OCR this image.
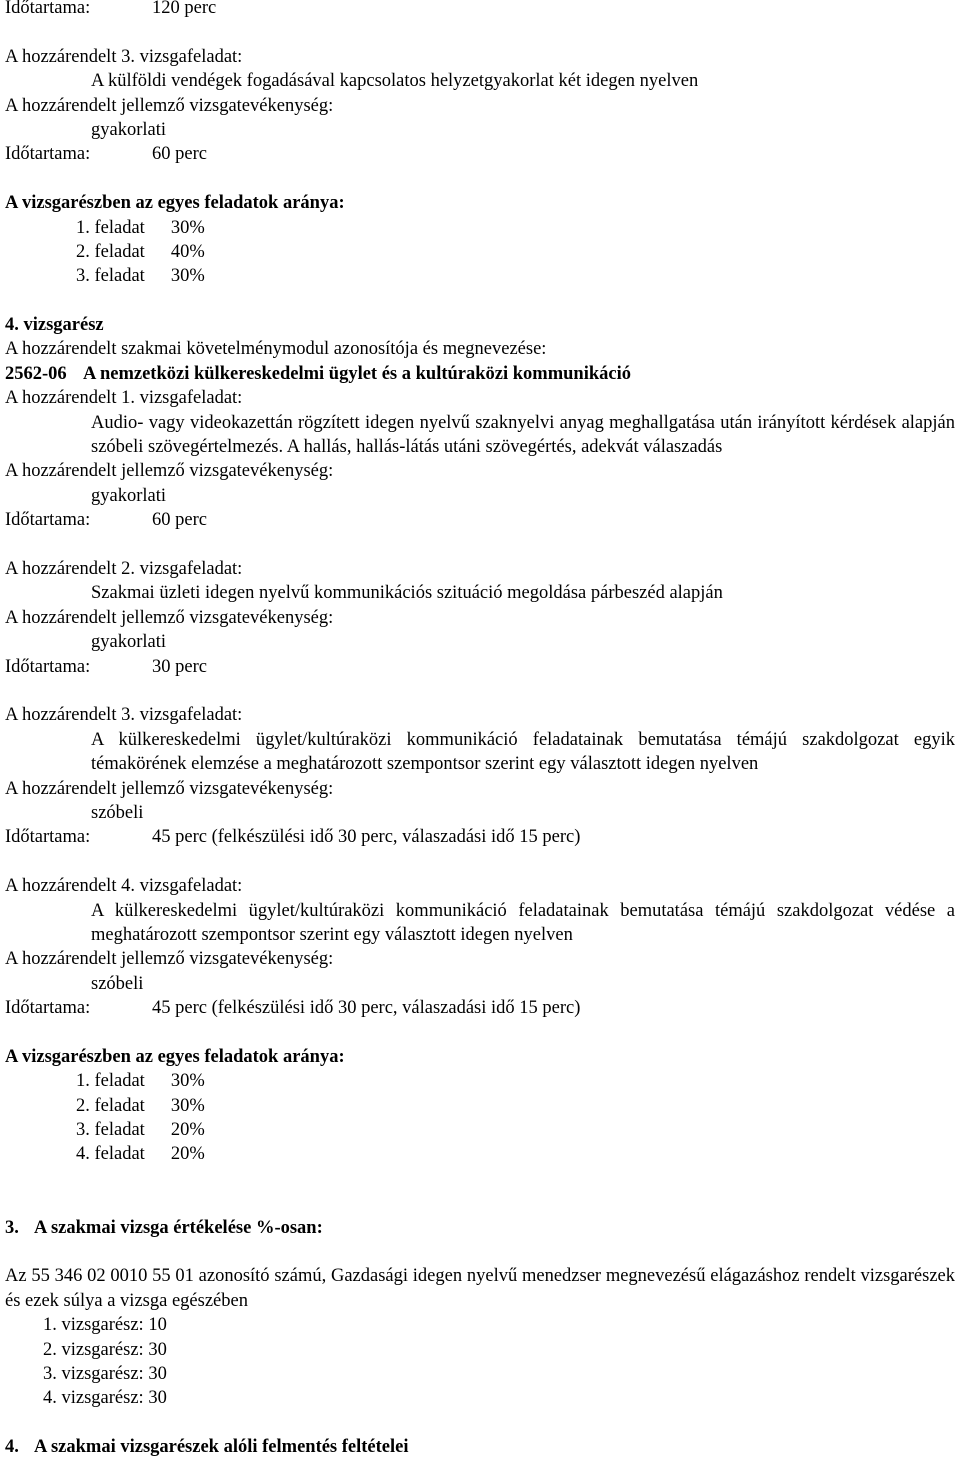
Időtartama:	120 perc
A hozzárendelt 3. vizsgafeladat:
A külföldi vendégek fogadásával kapcsolatos helyzetgyakorlat két idegen nyelven
A hozzárendelt jellemző vizsgatevékenység:
gyakorlati
Időtartama:	60 perc
A vizsgarészben az egyes feladatok aránya:
1. feladat 30%
2. feladat 40%
3. feladat 30%
4. vizsgarész
A hozzárendelt szakmai követelménymodul azonosítója és megnevezése:
2562-06 A nemzetközi külkereskedelmi ügylet és a kultúraközi kommunikáció
A hozzárendelt 1. vizsgafeladat:
Audio- vagy videokazettán rögzített idegen nyelvű szaknyelvi anyag meghallgatása után irányított kérdések alapján szóbeli szövegértelmezés. A hallás, hallás-látás utáni szövegértés, adekvát válaszadás
A hozzárendelt jellemző vizsgatevékenység:
gyakorlati
Időtartama:	60 perc
A hozzárendelt 2. vizsgafeladat:
Szakmai üzleti idegen nyelvű kommunikációs szituáció megoldása párbeszéd alapján
A hozzárendelt jellemző vizsgatevékenység:
gyakorlati
Időtartama:	30 perc
A hozzárendelt 3. vizsgafeladat:
A külkereskedelmi ügylet/kultúraközi kommunikáció feladatainak bemutatása témájú szakdolgozat egyik témakörének elemzése a meghatározott szempontsor szerint egy választott idegen nyelven
A hozzárendelt jellemző vizsgatevékenység:
szóbeli
Időtartama:	45 perc (felkészülési idő 30 perc, válaszadási idő 15 perc)
A hozzárendelt 4. vizsgafeladat:
A külkereskedelmi ügylet/kultúraközi kommunikáció feladatainak bemutatása témájú szakdolgozat védése a meghatározott szempontsor szerint egy választott idegen nyelven
A hozzárendelt jellemző vizsgatevékenység:
szóbeli
Időtartama:	45 perc (felkészülési idő 30 perc, válaszadási idő 15 perc)
A vizsgarészben az egyes feladatok aránya:
1. feladat 30%
2. feladat 30%
3. feladat 20%
4. feladat 20%
3. A szakmai vizsga értékelése %-osan:
Az 55 346 02 0010 55 01 azonosító számú, Gazdasági idegen nyelvű menedzser megnevezésű elágazáshoz rendelt vizsgarészek és ezek súlya a vizsga egészében
1. vizsgarész: 10
2. vizsgarész: 30
3. vizsgarész: 30
4. vizsgarész: 30
4. A szakmai vizsgarészek alóli felmentés feltételei
